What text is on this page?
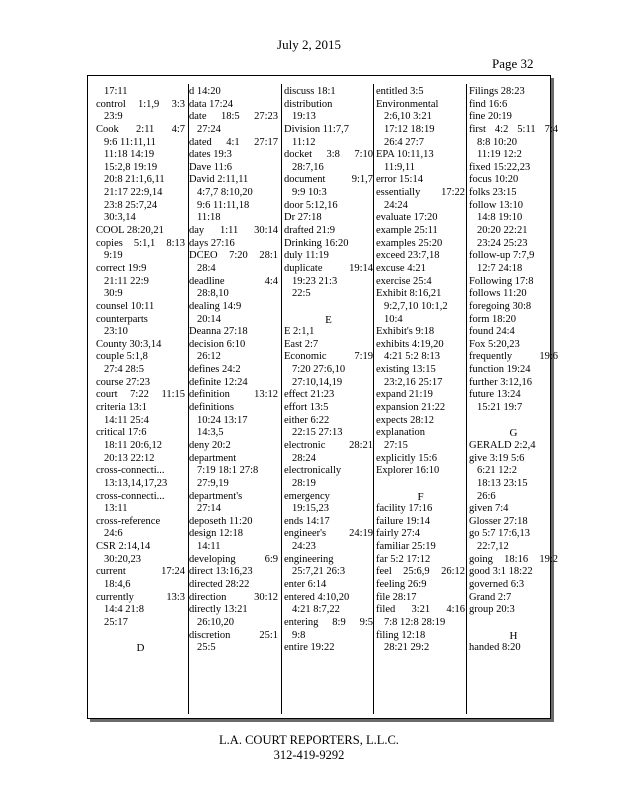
July 2, 2015
Page 32
17:11
control 1:1,9 3:3
23:9
Cook 2:11 4:7
9:6 11:11,11
11:18 14:19
15:2,8 19:19
20:8 21:1,6,11
21:17 22:9,14
23:8 25:7,24
30:3,14
COOL 28:20,21
copies 5:1,1 8:13
9:19
correct 19:9
21:11 22:9
30:9
counsel 10:11
counterparts
23:10
County 30:3,14
couple 5:1,8
27:4 28:5
course 27:23
court 7:22 11:15
criteria 13:1
14:11 25:4
critical 17:6
18:11 20:6,12
20:13 22:12
cross-connecti...
13:13,14,17,23
cross-connecti...
13:11
cross-reference
24:6
CSR 2:14,14
30:20,23
current 17:24
18:4,6
currently 13:3
14:4 21:8
25:17
D
d 14:20
data 17:24
date 18:5 27:23
27:24
dated 4:1 27:17
dates 19:3
Dave 11:6
David 2:11,11
4:7,7 8:10,20
9:6 11:11,18
11:18
day 1:11 30:14
days 27:16
DCEO 7:20 28:1
28:4
deadline 4:4
28:8,10
dealing 14:9
20:14
Deanna 27:18
decision 6:10
26:12
defines 24:2
definite 12:24
definition 13:12
definitions
10:24 13:17
14:3,5
deny 20:2
department
7:19 18:1 27:8
27:9,19
department's
27:14
deposeth 11:20
design 12:18
14:11
developing 6:9
direct 13:16,23
directed 28:22
direction 30:12
directly 13:21
26:10,20
discretion 25:1
25:5
discuss 18:1
distribution
19:13
Division 11:7,7
11:12
docket 3:8 7:10
28:7,16
document 9:1,7
9:9 10:3
door 5:12,16
Dr 27:18
drafted 21:9
Drinking 16:20
duly 11:19
duplicate 19:14
19:23 21:3
22:5
E
E 2:1,1
East 2:7
Economic 7:19
7:20 27:6,10
27:10,14,19
effect 21:23
effort 13:5
either 6:22
22:15 27:13
electronic 28:21
28:24
electronically
28:19
emergency
19:15,23
ends 14:17
engineer's 24:19
24:23
engineering
25:7,21 26:3
enter 6:14
entered 4:10,20
4:21 8:7,22
entering 8:9 9:5
9:8
entire 19:22
entitled 3:5
Environmental
2:6,10 3:21
17:12 18:19
26:4 27:7
EPA 10:11,13
11:9,11
error 15:14
essentially 17:22
24:24
evaluate 17:20
example 25:11
examples 25:20
exceed 23:7,18
excuse 4:21
exercise 25:4
Exhibit 8:16,21
9:2,7,10 10:1,2
10:4
Exhibit's 9:18
exhibits 4:19,20
4:21 5:2 8:13
existing 13:15
23:2,16 25:17
expand 21:19
expansion 21:22
expects 28:12
explanation
27:15
explicitly 15:6
Explorer 16:10
F
facility 17:16
failure 19:14
fairly 27:4
familiar 25:19
far 5:2 17:12
feel 25:6,9 26:12
feeling 26:9
file 28:17
filed 3:21 4:16
7:8 12:8 28:19
filing 12:18
28:21 29:2
Filings 28:23
find 16:6
fine 20:19
first 4:2 5:11 7:4
8:8 10:20
11:19 12:2
fixed 15:22,23
focus 10:20
folks 23:15
follow 13:10
14:8 19:10
20:20 22:21
23:24 25:23
follow-up 7:7,9
12:7 24:18
Following 17:8
follows 11:20
foregoing 30:8
form 18:20
found 24:4
Fox 5:20,23
frequently 19:6
function 19:24
further 3:12,16
future 13:24
15:21 19:7
G
GERALD 2:2,4
give 3:19 5:6
6:21 12:2
18:13 23:15
26:6
given 7:4
Glosser 27:18
go 5:7 17:6,13
22:7,12
going 18:16 19:2
good 3:1 18:22
governed 6:3
Grand 2:7
group 20:3
H
handed 8:20
L.A. COURT REPORTERS, L.L.C.
312-419-9292
